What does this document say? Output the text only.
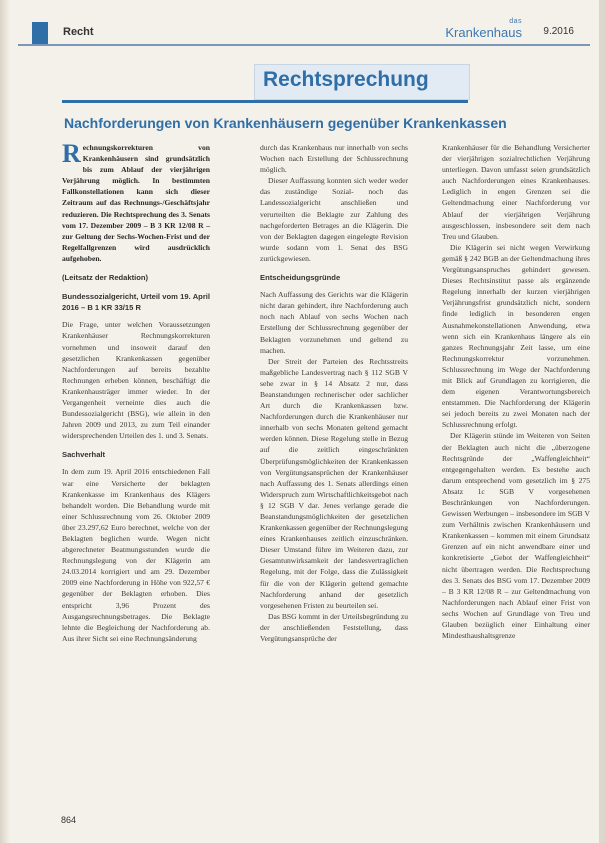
Recht
das
Krankenhaus 9.2016
Rechtsprechung
Nachforderungen von Krankenhäusern gegenüber Krankenkassen

Rechnungskorrekturen von Krankenhäusern sind grundsätzlich bis zum Ablauf der vierjährigen Verjährung möglich. In bestimmten Fallkonstellationen kann sich dieser Zeitraum auf das Rechnungs-/Geschäftsjahr reduzieren. Die Rechtsprechung des 3. Senats vom 17. Dezember 2009 – B 3 KR 12/08 R – zur Geltung der Sechs-Wochen-Frist und der Regelfallgrenzen wird ausdrücklich aufgehoben.

(Leitsatz der Redaktion)
Bundessozialgericht, Urteil vom 19. April 2016 – B 1 KR 33/15 R

Die Frage, unter welchen Voraussetzungen Krankenhäuser Rechnungskorrekturen vornehmen und insoweit darauf den gesetzlichen Krankenkassen gegenüber Nachforderungen auf bereits bezahlte Rechnungen erheben können, beschäftigt die Krankenhausträger immer wieder. In der Vergangenheit verneinte dies auch die Bundessozialgericht (BSG), wie allein in den Jahren 2009 und 2013, zu zum Teil einander widersprechenden Urteilen des 1. und 3. Senats.

Sachverhalt

In dem zum 19. April 2016 entschiedenen Fall war eine Versicherte der beklagten Krankenkasse im Krankenhaus des Klägers behandelt worden. Die Behandlung wurde mit einer Schlussrechnung vom 26. Oktober 2009 über 23.297,62 Euro berechnet, welche von der Beklagten beglichen wurde. Wegen nicht abgerechneter Beatmungsstunden wurde die Rechnungslegung von der Klägerin am 24.03.2014 korrigiert und am 29. Dezember 2009 eine Nachforderung in Höhe von 922,57 € gegenüber der Beklagten erhoben. Dies entspricht 3,96 Prozent des Ausgangsrechnungsbetrages. Die Beklagte lehnte die Begleichung der Nachforderung ab. Aus ihrer Sicht sei eine Rechnungsänderung

durch das Krankenhaus nur innerhalb von sechs Wochen nach Erstellung der Schlussrechnung möglich.

Dieser Auffassung konnten sich weder weder das zuständige Sozial- noch das Landessozialgericht anschließen und verurteilten die Beklagte zur Zahlung des nachgeforderten Betrages an die Klägerin. Die von der Beklagten dagegen eingelegte Revision wurde sodann vom 1. Senat des BSG zurückgewiesen.

Entscheidungsgründe

Nach Auffassung des Gerichts war die Klägerin nicht daran gehindert, ihre Nachforderung auch noch nach Ablauf von sechs Wochen nach Erstellung der Schlussrechnung gegenüber der Beklagten vorzunehmen und geltend zu machen.

Der Streit der Parteien des Rechtsstreits maßgebliche Landesvertrag nach § 112 SGB V sehe zwar in § 14 Absatz 2 nur, dass Beanstandungen rechnerischer oder sachlicher Art durch die Krankenkassen bzw. Nachforderungen durch die Krankenhäuser nur innerhalb von sechs Monaten geltend gemacht werden können. Diese Regelung stelle in Bezug auf die zeitlich eingeschränkten Überprüfungsmöglichkeiten der Krankenkassen von Vergütungsansprüchen der Krankenhäuser nach Auffassung des 1. Senats allerdings einen Widerspruch zum Wirtschaftlichkeitsgebot nach § 12 SGB V dar. Jenes verlange gerade die Beanstandungsmöglichkeiten der gesetzlichen Krankenkassen gegenüber der Rechnungslegung eines Krankenhauses zeitlich einzuschränken. Dieser Umstand führe im Weiteren dazu, zur Gesamtunwirksamkeit der landesvertraglichen Regelung, mit der Folge, dass die Zulässigkeit für die von der Klägerin geltend gemachte Nachforderung anhand der gesetzlich vorgesehenen Fristen zu beurteilen sei.

Das BSG kommt in der Urteilsbegründung zu der anschließenden Feststellung, dass Vergütungsansprüche der

Krankenhäuser für die Behandlung Versicherter der vierjährigen sozialrechtlichen Verjährung unterliegen. Davon umfasst seien grundsätzlich auch Nachforderungen eines Krankenhauses. Lediglich in engen Grenzen sei die Geltendmachung einer Nachforderung vor Ablauf der vierjährigen Verjährung ausgeschlossen, insbesondere seit dem nach Treu und Glauben.

Die Klägerin sei nicht wegen Verwirkung gemäß § 242 BGB an der Geltendmachung ihres Vergütungsanspruches gehindert gewesen. Dieses Rechtsinstitut passe als ergänzende Regelung innerhalb der kurzen vierjährigen Verjährungsfrist grundsätzlich nicht, sondern finde lediglich in besonderen engen Ausnahmekonstellationen Anwendung, etwa wenn sich ein Krankenhaus längere als ein ganzes Rechnungsjahr Zeit lasse, um eine Rechnungskorrektur vorzunehmen. Schlussrechnung im Wege der Nachforderung mit Blick auf Grundlagen zu korrigieren, die dem eigenen Verantwortungsbereich entstammen. Die Nachforderung der Klägerin sei jedoch bereits zu zwei Monaten nach der Schlussrechnung erfolgt.

Der Klägerin stünde im Weiteren von Seiten der Beklagten auch nicht die „überzogene Rechtsgründe der „Waffengleichheit“ entgegengehalten werden. Es bestehe auch darum entsprechend vom gesetzlich im § 275 Absatz 1c SGB V vorgesehenen Beschränkungen von Nachforderungen. Gewissen Werbungen – insbesondere im SGB V zum Verhältnis zwischen Krankenhäusern und Krankenkassen – kommen mit einem Grundsatz Grenzen auf ein nicht anwendbare einer und konkretisierte „Gebot der Waffengleichheit“ nicht übertragen werden. Die Rechtsprechung des 3. Senats des BSG vom 17. Dezember 2009 – B 3 KR 12/08 R – zur Geltendmachung von Nachforderungen nach Ablauf einer Frist von sechs Wochen auf Grundlage von Treu und Glauben bezüglich einer Einhaltung einer Mindesthaushaltsgrenze

864
